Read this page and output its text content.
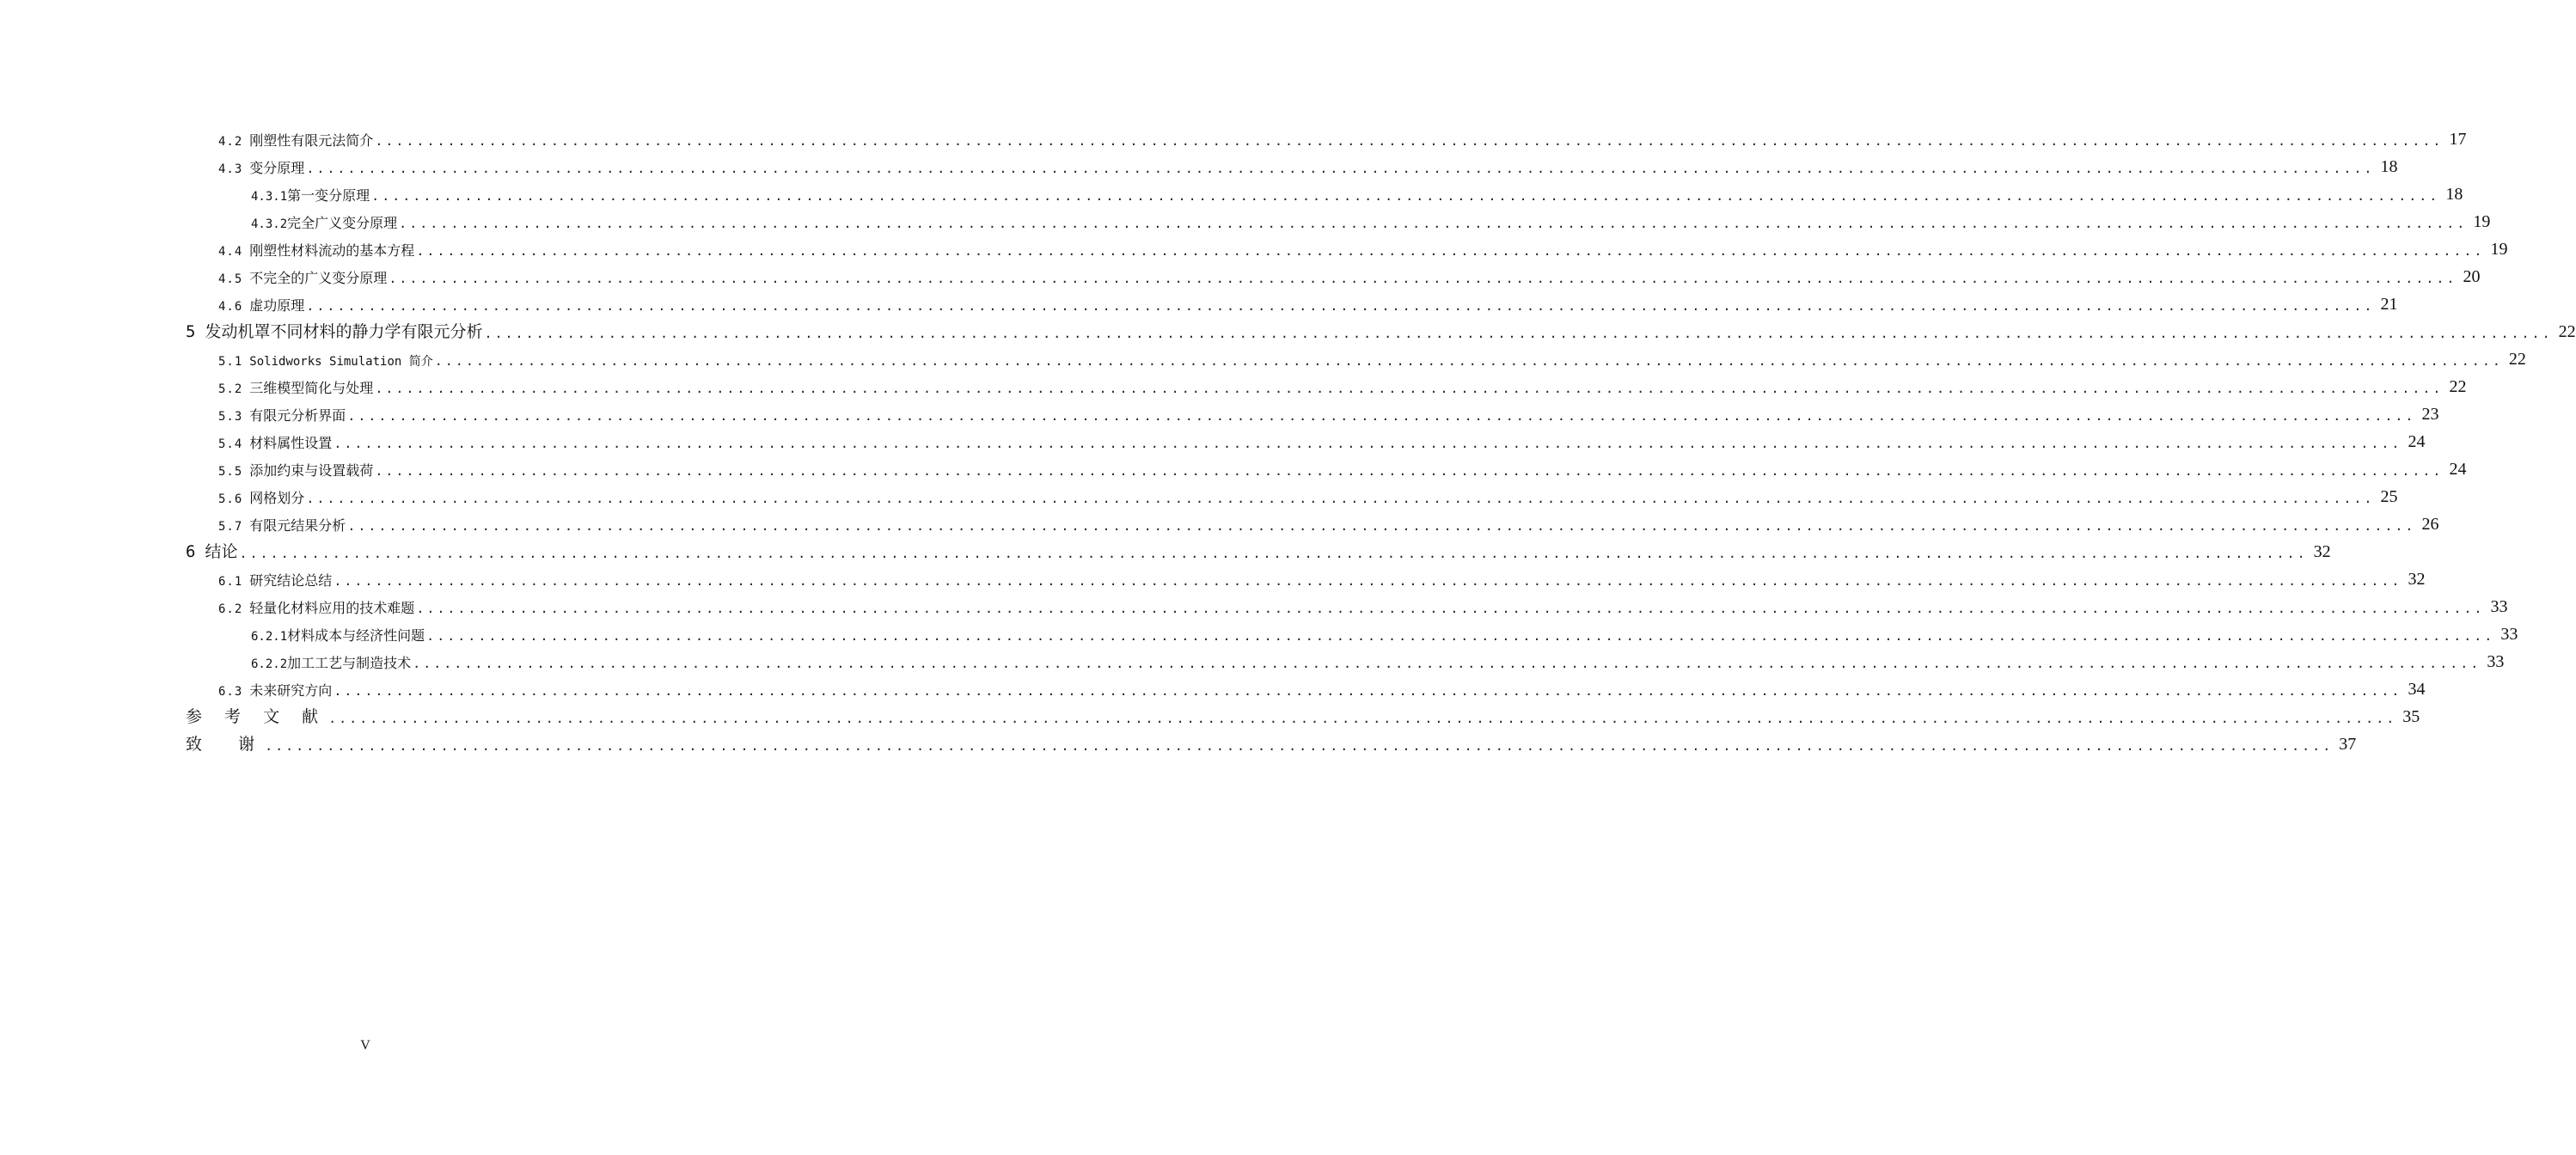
4.2 刚塑性有限元法简介 ........................................................................................................................................................................................................ 17
4.3 变分原理 ........................................................................................................................................................................................................ 18
4.3.1 第一变分原理 ........................................................................................................................................................................................................ 18
4.3.2 完全广义变分原理 ........................................................................................................................................................................................................ 19
4.4 刚塑性材料流动的基本方程 ........................................................................................................................................................................................................ 19
4.5 不完全的广义变分原理 ........................................................................................................................................................................................................ 20
4.6 虚功原理 ........................................................................................................................................................................................................ 21
5 发动机罩不同材料的静力学有限元分析 ........................................................................................................................................................................................................ 22
5.1 Solidworks Simulation 简介 ........................................................................................................................................................................................................ 22
5.2 三维模型简化与处理 ........................................................................................................................................................................................................ 22
5.3 有限元分析界面 ........................................................................................................................................................................................................ 23
5.4 材料属性设置 ........................................................................................................................................................................................................ 24
5.5 添加约束与设置载荷 ........................................................................................................................................................................................................ 24
5.6 网格划分 ........................................................................................................................................................................................................ 25
5.7 有限元结果分析 ........................................................................................................................................................................................................ 26
6 结论 ........................................................................................................................................................................................................ 32
6.1 研究结论总结 ........................................................................................................................................................................................................ 32
6.2 轻量化材料应用的技术难题 ........................................................................................................................................................................................................ 33
6.2.1 材料成本与经济性问题 ........................................................................................................................................................................................................ 33
6.2.2 加工工艺与制造技术 ........................................................................................................................................................................................................ 33
6.3 未来研究方向 ........................................................................................................................................................................................................ 34
参 考 文 献 ........................................................................................................................................................................................................ 35
致  谢 ........................................................................................................................................................................................................ 37
V
